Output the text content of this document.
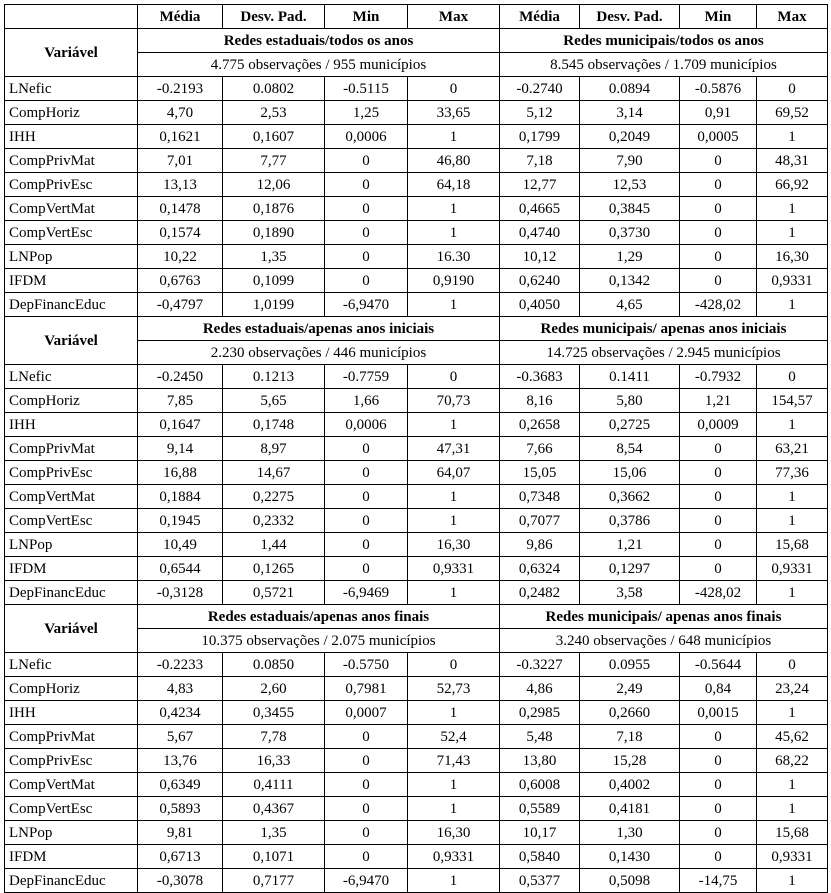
	Média	Desv. Pad.	Min	Max	Média	Desv. Pad.	Min	Max
Variável	Redes estaduais/todos os anos				Redes municipais/todos os anos			
	4.775 observações / 955 municípios				8.545 observações / 1.709 municípios			
LNefic	-0.2193	0.0802	-0.5115	0	-0.2740	0.0894	-0.5876	0
CompHoriz	4,70	2,53	1,25	33,65	5,12	3,14	0,91	69,52
IHH	0,1621	0,1607	0,0006	1	0,1799	0,2049	0,0005	1
CompPrivMat	7,01	7,77	0	46,80	7,18	7,90	0	48,31
CompPrivEsc	13,13	12,06	0	64,18	12,77	12,53	0	66,92
CompVertMat	0,1478	0,1876	0	1	0,4665	0,3845	0	1
CompVertEsc	0,1574	0,1890	0	1	0,4740	0,3730	0	1
LNPop	10,22	1,35	0	16.30	10,12	1,29	0	16,30
IFDM	0,6763	0,1099	0	0,9190	0,6240	0,1342	0	0,9331
DepFinancEduc	-0,4797	1,0199	-6,9470	1	0,4050	4,65	-428,02	1
Variável	Redes estaduais/apenas anos iniciais				Redes municipais/ apenas anos iniciais			
	2.230 observações / 446 municípios				14.725 observações / 2.945 municípios			
LNefic	-0.2450	0.1213	-0.7759	0	-0.3683	0.1411	-0.7932	0
CompHoriz	7,85	5,65	1,66	70,73	8,16	5,80	1,21	154,57
IHH	0,1647	0,1748	0,0006	1	0,2658	0,2725	0,0009	1
CompPrivMat	9,14	8,97	0	47,31	7,66	8,54	0	63,21
CompPrivEsc	16,88	14,67	0	64,07	15,05	15,06	0	77,36
CompVertMat	0,1884	0,2275	0	1	0,7348	0,3662	0	1
CompVertEsc	0,1945	0,2332	0	1	0,7077	0,3786	0	1
LNPop	10,49	1,44	0	16,30	9,86	1,21	0	15,68
IFDM	0,6544	0,1265	0	0,9331	0,6324	0,1297	0	0,9331
DepFinancEduc	-0,3128	0,5721	-6,9469	1	0,2482	3,58	-428,02	1
Variável	Redes estaduais/apenas anos finais				Redes municipais/ apenas anos finais			
	10.375 observações / 2.075 municípios				3.240 observações / 648 municípios			
LNefic	-0.2233	0.0850	-0.5750	0	-0.3227	0.0955	-0.5644	0
CompHoriz	4,83	2,60	0,7981	52,73	4,86	2,49	0,84	23,24
IHH	0,4234	0,3455	0,0007	1	0,2985	0,2660	0,0015	1
CompPrivMat	5,67	7,78	0	52,4	5,48	7,18	0	45,62
CompPrivEsc	13,76	16,33	0	71,43	13,80	15,28	0	68,22
CompVertMat	0,6349	0,4111	0	1	0,6008	0,4002	0	1
CompVertEsc	0,5893	0,4367	0	1	0,5589	0,4181	0	1
LNPop	9,81	1,35	0	16,30	10,17	1,30	0	15,68
IFDM	0,6713	0,1071	0	0,9331	0,5840	0,1430	0	0,9331
DepFinancEduc	-0,3078	0,7177	-6,9470	1	0,5377	0,5098	-14,75	1
